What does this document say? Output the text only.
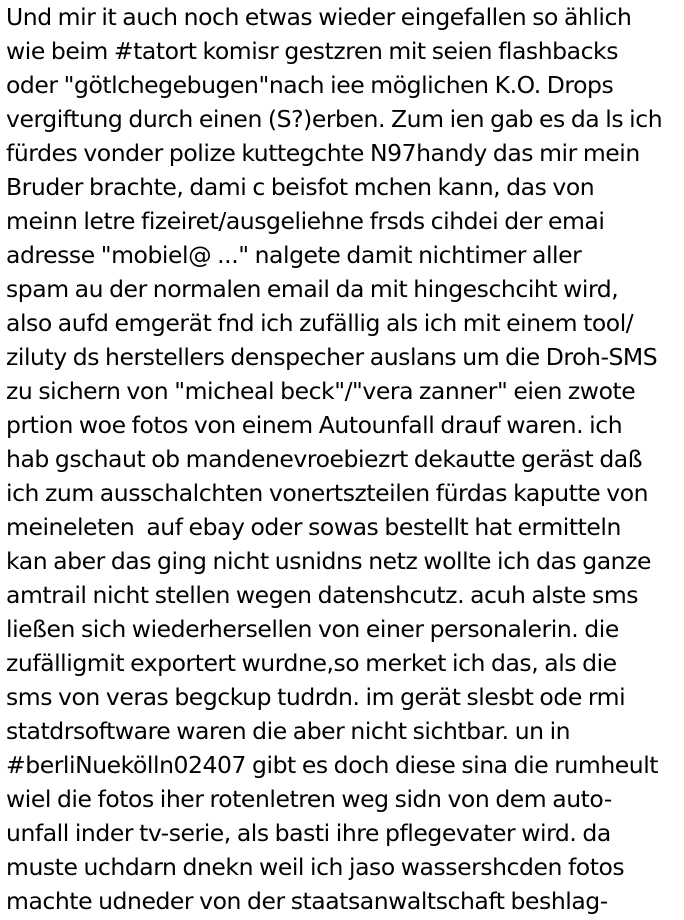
Und mir it auch noch etwas wieder eingefallen so ählich
wie beim #tatort komisr gestzren mit seien flashbacks
oder "götlchegebugen"nach iee möglichen K.O. Drops
vergiftung durch einen (S?)erben. Zum ien gab es da ls ich
fürdes vonder polize kuttegchte N97handy das mir mein
Bruder brachte, dami c beisfot mchen kann, das von
meinn letre fizeiret/ausgeliehne frsds cihdei der emai
adresse "mobiel@ ..." nalgete damit nichtimer aller
spam au der normalen email da mit hingeschciht wird,
also aufd emgerät fnd ich zufällig als ich mit einem tool/
ziluty ds herstellers denspecher auslans um die Droh-SMS
zu sichern von "micheal beck"/"vera zanner" eien zwote
prtion woe fotos von einem Autounfall drauf waren. ich
hab gschaut ob mandenevroebiezrt dekautte geräst daß
ich zum ausschalchten vonertszteilen fürdas kaputte von
meineleten  auf ebay oder sowas bestellt hat ermitteln
kan aber das ging nicht usnidns netz wollte ich das ganze
amtrail nicht stellen wegen datenshcutz. acuh alste sms
ließen sich wiederhersellen von einer personalerin. die
zufälligmit exportert wurdne,so merket ich das, als die
sms von veras begckup tudrdn. im gerät slesbt ode rmi
statdrsoftware waren die aber nicht sichtbar. un in
#berliNuekölln02407 gibt es doch diese sina die rumheult
wiel die fotos iher rotenletren weg sidn von dem auto-
unfall inder tv-serie, als basti ihre pflegevater wird. da
muste uchdarn dnekn weil ich jaso wassershcden fotos
machte udneder von der staatsanwaltschaft beshlag-
